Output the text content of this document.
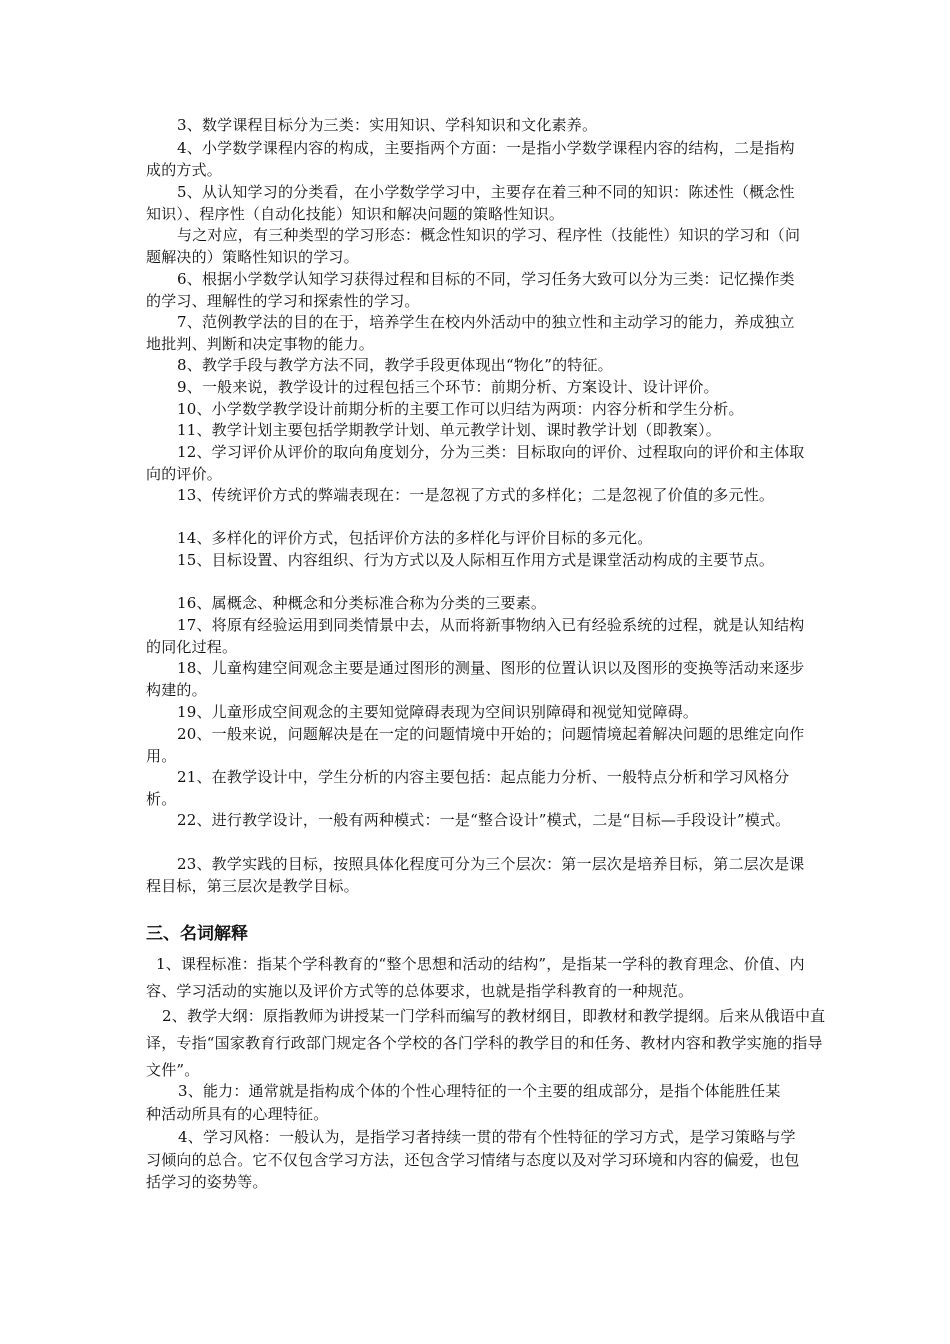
3、数学课程目标分为三类：实用知识、学科知识和文化素养。

4、小学数学课程内容的构成，主要指两个方面：一是指小学数学课程内容的结构，二是指构成的方式。

5、从认知学习的分类看，在小学数学学习中，主要存在着三种不同的知识：陈述性（概念性知识）、程序性（自动化技能）知识和解决问题的策略性知识。

与之对应，有三种类型的学习形态：概念性知识的学习、程序性（技能性）知识的学习和（问题解决的）策略性知识的学习。

6、根据小学数学认知学习获得过程和目标的不同，学习任务大致可以分为三类：记忆操作类的学习、理解性的学习和探索性的学习。

7、范例教学法的目的在于，培养学生在校内外活动中的独立性和主动学习的能力，养成独立地批判、判断和决定事物的能力。

8、教学手段与教学方法不同，教学手段更体现出“物化”的特征。

9、一般来说，教学设计的过程包括三个环节：前期分析、方案设计、设计评价。

10、小学数学教学设计前期分析的主要工作可以归结为两项：内容分析和学生分析。

11、教学计划主要包括学期教学计划、单元教学计划、课时教学计划（即教案）。

12、学习评价从评价的取向角度划分，分为三类：目标取向的评价、过程取向的评价和主体取向的评价。

13、传统评价方式的弊端表现在：一是忽视了方式的多样化；二是忽视了价值的多元性。

14、多样化的评价方式，包括评价方法的多样化与评价目标的多元化。

15、目标设置、内容组织、行为方式以及人际相互作用方式是课堂活动构成的主要节点。

16、属概念、种概念和分类标准合称为分类的三要素。

17、将原有经验运用到同类情景中去，从而将新事物纳入已有经验系统的过程，就是认知结构的同化过程。

18、儿童构建空间观念主要是通过图形的测量、图形的位置认识以及图形的变换等活动来逐步构建的。

19、儿童形成空间观念的主要知觉障碍表现为空间识别障碍和视觉知觉障碍。

20、一般来说，问题解决是在一定的问题情境中开始的；问题情境起着解决问题的思维定向作用。

21、在教学设计中，学生分析的内容主要包括：起点能力分析、一般特点分析和学习风格分析。

22、进行教学设计，一般有两种模式：一是“整合设计”模式，二是“目标—手段设计”模式。

23、教学实践的目标，按照具体化程度可分为三个层次：第一层次是培养目标，第二层次是课程目标，第三层次是教学目标。

三、名词解释

1、课程标准：指某个学科教育的“整个思想和活动的结构”，是指某一学科的教育理念、价值、内容、学习活动的实施以及评价方式等的总体要求，也就是指学科教育的一种规范。

2、教学大纲：原指教师为讲授某一门学科而编写的教材纲目，即教材和教学提纲。后来从俄语中直译，专指“国家教育行政部门规定各个学校的各门学科的教学目的和任务、教材内容和教学实施的指导文件”。

3、能力：通常就是指构成个体的个性心理特征的一个主要的组成部分，是指个体能胜任某种活动所具有的心理特征。

4、学习风格：一般认为，是指学习者持续一贯的带有个性特征的学习方式，是学习策略与学习倾向的总合。它不仅包含学习方法，还包含学习情绪与态度以及对学习环境和内容的偏爱，也包括学习的姿势等。
